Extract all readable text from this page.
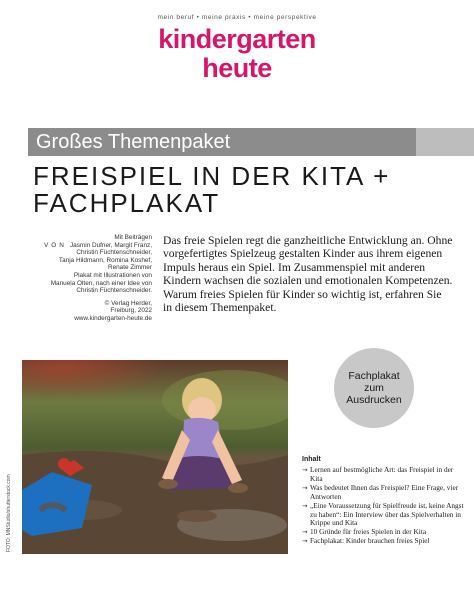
mein beruf • meine praxis • meine perspektive
kindergarten
heute
Großes Themenpaket
FREISPIEL IN DER KITA +
FACHPLAKAT
VON

Mit Beiträgen

Jasmin Dufner, Margit Franz,

Christin Füchtenschneider,

Tanja Hildmann, Romina Koshef,

Renate Zimmer

Plakat mit Illustrationen von

Manuela Olten, nach einer Idee von

Christin Füchtenschneider.

© Verlag Herder,

Freiburg, 2022

www.kindergarten-heute.de

Das freie Spielen regt die ganzheitliche Entwicklung an. Ohne vorgefertigtes Spielzeug gestalten Kinder aus ihrem eigenen Impuls heraus ein Spiel. Im Zusammenspiel mit anderen Kindern wachsen die sozialen und emotionalen Kompetenzen. Warum freies Spielen für Kinder so wichtig ist, erfahren Sie in diesem Themenpaket.
FOTO: MNStudio/shutterstock.com
Fachplakat zum Ausdrucken
Inhalt
→ Lernen auf bestmögliche Art: das Freispiel in der Kita
→ Was bedeutet Ihnen das Freispiel? Eine Frage, vier Antworten
→ „Eine Voraussetzung für Spielfreude ist, keine Angst zu haben“: Ein Interview über das Spielverhalten in Krippe und Kita
→ 10 Gründe für freies Spielen in der Kita
→ Fachplakat: Kinder brauchen freies Spiel
